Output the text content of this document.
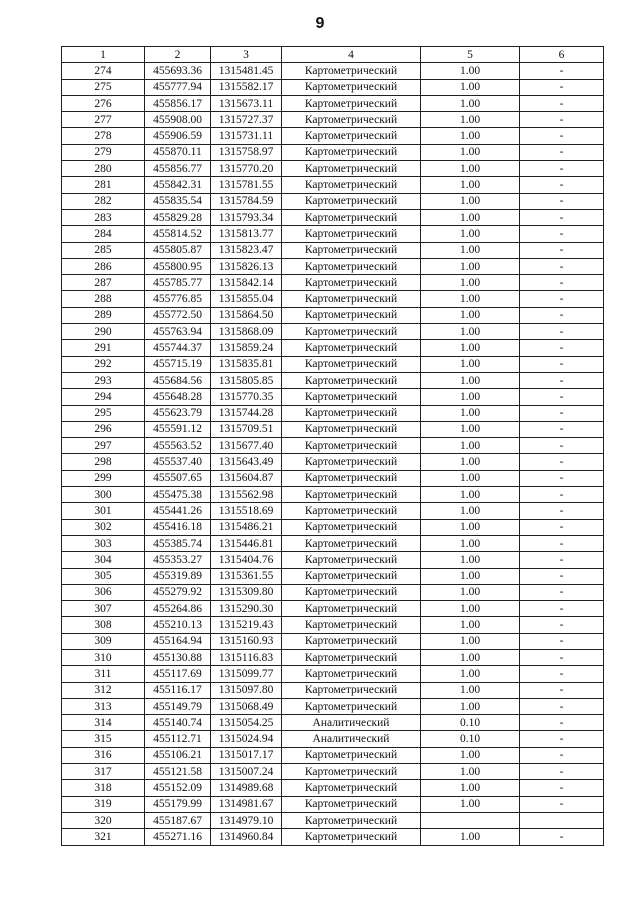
9
1	2	3	4	5	6
274	455693.36	1315481.45	Картометрический	1.00	-
275	455777.94	1315582.17	Картометрический	1.00	-
276	455856.17	1315673.11	Картометрический	1.00	-
277	455908.00	1315727.37	Картометрический	1.00	-
278	455906.59	1315731.11	Картометрический	1.00	-
279	455870.11	1315758.97	Картометрический	1.00	-
280	455856.77	1315770.20	Картометрический	1.00	-
281	455842.31	1315781.55	Картометрический	1.00	-
282	455835.54	1315784.59	Картометрический	1.00	-
283	455829.28	1315793.34	Картометрический	1.00	-
284	455814.52	1315813.77	Картометрический	1.00	-
285	455805.87	1315823.47	Картометрический	1.00	-
286	455800.95	1315826.13	Картометрический	1.00	-
287	455785.77	1315842.14	Картометрический	1.00	-
288	455776.85	1315855.04	Картометрический	1.00	-
289	455772.50	1315864.50	Картометрический	1.00	-
290	455763.94	1315868.09	Картометрический	1.00	-
291	455744.37	1315859.24	Картометрический	1.00	-
292	455715.19	1315835.81	Картометрический	1.00	-
293	455684.56	1315805.85	Картометрический	1.00	-
294	455648.28	1315770.35	Картометрический	1.00	-
295	455623.79	1315744.28	Картометрический	1.00	-
296	455591.12	1315709.51	Картометрический	1.00	-
297	455563.52	1315677.40	Картометрический	1.00	-
298	455537.40	1315643.49	Картометрический	1.00	-
299	455507.65	1315604.87	Картометрический	1.00	-
300	455475.38	1315562.98	Картометрический	1.00	-
301	455441.26	1315518.69	Картометрический	1.00	-
302	455416.18	1315486.21	Картометрический	1.00	-
303	455385.74	1315446.81	Картометрический	1.00	-
304	455353.27	1315404.76	Картометрический	1.00	-
305	455319.89	1315361.55	Картометрический	1.00	-
306	455279.92	1315309.80	Картометрический	1.00	-
307	455264.86	1315290.30	Картометрический	1.00	-
308	455210.13	1315219.43	Картометрический	1.00	-
309	455164.94	1315160.93	Картометрический	1.00	-
310	455130.88	1315116.83	Картометрический	1.00	-
311	455117.69	1315099.77	Картометрический	1.00	-
312	455116.17	1315097.80	Картометрический	1.00	-
313	455149.79	1315068.49	Картометрический	1.00	-
314	455140.74	1315054.25	Аналитический	0.10	-
315	455112.71	1315024.94	Аналитический	0.10	-
316	455106.21	1315017.17	Картометрический	1.00	-
317	455121.58	1315007.24	Картометрический	1.00	-
318	455152.09	1314989.68	Картометрический	1.00	-
319	455179.99	1314981.67	Картометрический	1.00	-
320	455187.67	1314979.10	Картометрический		
321	455271.16	1314960.84	Картометрический	1.00	-
